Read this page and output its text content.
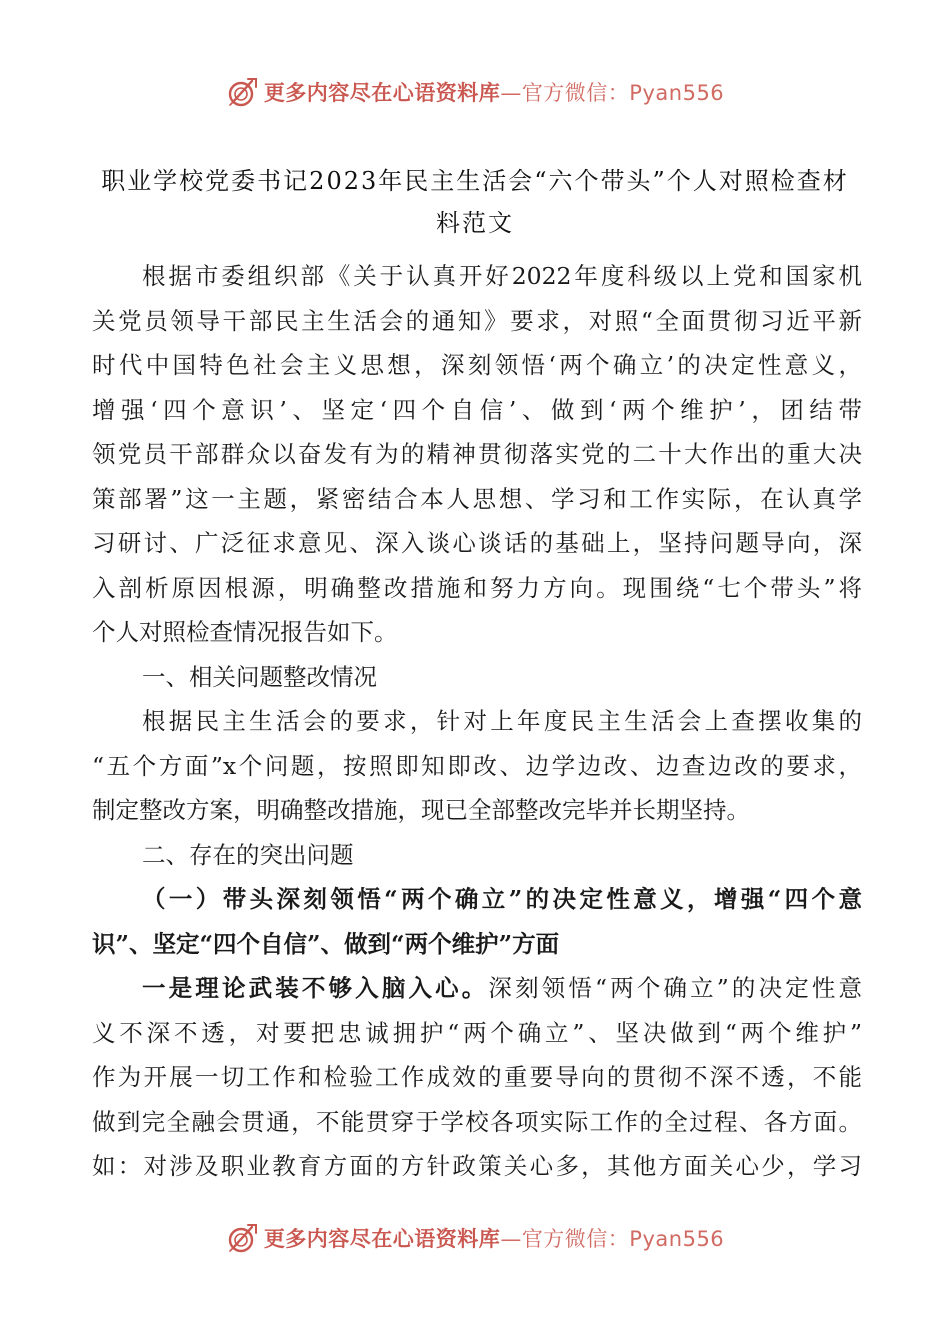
更多内容尽在心语资料库—官方微信：Pyan556
职业学校党委书记2023年民主生活会“六个带头”个人对照检查材
料范文
根据市委组织部《关于认真开好2022年度科级以上党和国家机
关党员领导干部民主生活会的通知》要求，对照“全面贯彻习近平新
时代中国特色社会主义思想，深刻领悟‘两个确立’的决定性意义，
增强‘四个意识’、坚定‘四个自信’、做到‘两个维护’，团结带
领党员干部群众以奋发有为的精神贯彻落实党的二十大作出的重大决
策部署”这一主题，紧密结合本人思想、学习和工作实际，在认真学
习研讨、广泛征求意见、深入谈心谈话的基础上，坚持问题导向，深
入剖析原因根源，明确整改措施和努力方向。现围绕“七个带头”将
个人对照检查情况报告如下。
一、相关问题整改情况
根据民主生活会的要求，针对上年度民主生活会上查摆收集的
“五个方面”x个问题，按照即知即改、边学边改、边查边改的要求，
制定整改方案，明确整改措施，现已全部整改完毕并长期坚持。
二、存在的突出问题
（一）带头深刻领悟“两个确立”的决定性意义，增强“四个意
识”、坚定“四个自信”、做到“两个维护”方面
一是理论武装不够入脑入心。深刻领悟“两个确立”的决定性意
义不深不透，对要把忠诚拥护“两个确立”、坚决做到“两个维护”
作为开展一切工作和检验工作成效的重要导向的贯彻不深不透，不能
做到完全融会贯通，不能贯穿于学校各项实际工作的全过程、各方面。
如：对涉及职业教育方面的方针政策关心多，其他方面关心少，学习
更多内容尽在心语资料库—官方微信：Pyan556
